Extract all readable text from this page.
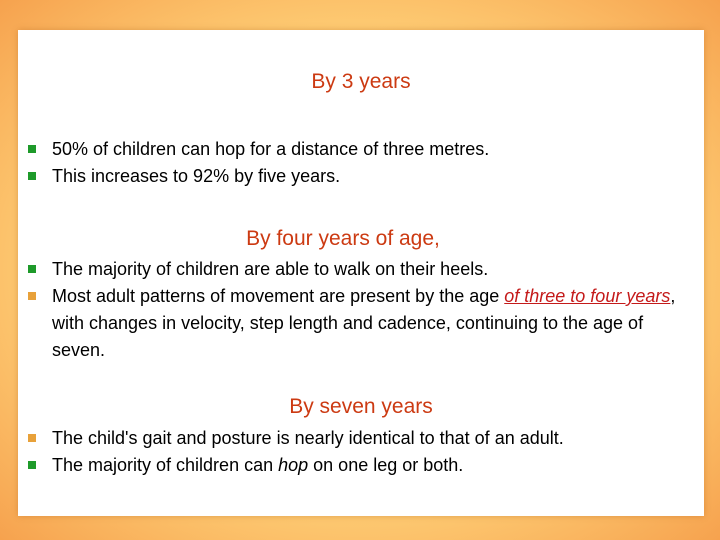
By 3 years
50% of children can hop for a distance of three metres.
This increases to 92% by five years.
By four years of age,
The majority of children are able to walk on their heels.
Most adult patterns of movement are present by the age of three to four years, with changes in velocity, step length and cadence, continuing to the age of seven.
By seven years
The child's gait and posture is nearly identical to that of an adult.
The majority of children can hop on one leg or both.
